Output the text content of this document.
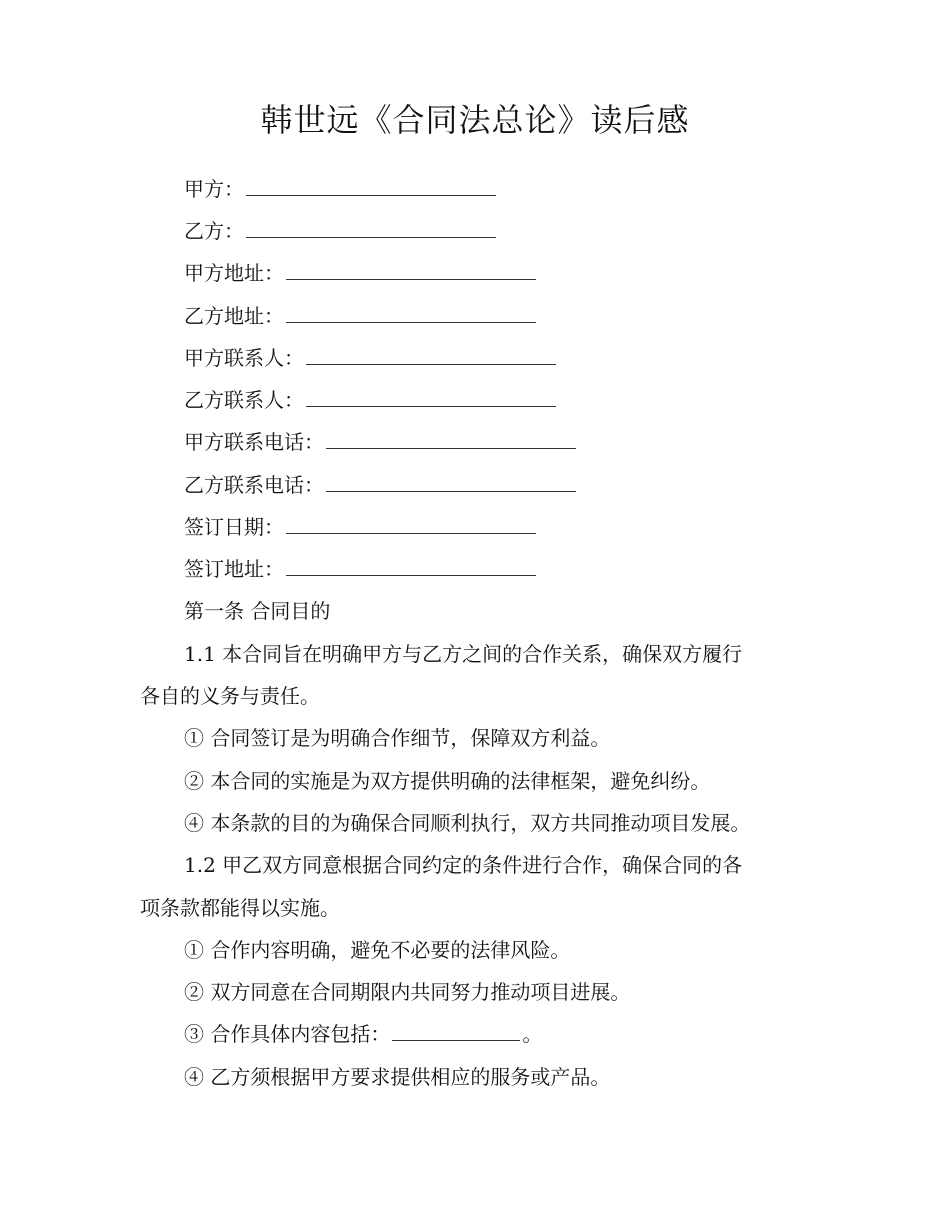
韩世远《合同法总论》读后感
甲方：
乙方：
甲方地址：
乙方地址：
甲方联系人：
乙方联系人：
甲方联系电话：
乙方联系电话：
签订日期：
签订地址：
第一条 合同目的
1.1 本合同旨在明确甲方与乙方之间的合作关系，确保双方履行
各自的义务与责任。
① 合同签订是为明确合作细节，保障双方利益。
② 本合同的实施是为双方提供明确的法律框架，避免纠纷。
④ 本条款的目的为确保合同顺利执行，双方共同推动项目发展。
1.2 甲乙双方同意根据合同约定的条件进行合作，确保合同的各
项条款都能得以实施。
① 合作内容明确，避免不必要的法律风险。
② 双方同意在合同期限内共同努力推动项目进展。
③ 合作具体内容包括：	。
④ 乙方须根据甲方要求提供相应的服务或产品。
